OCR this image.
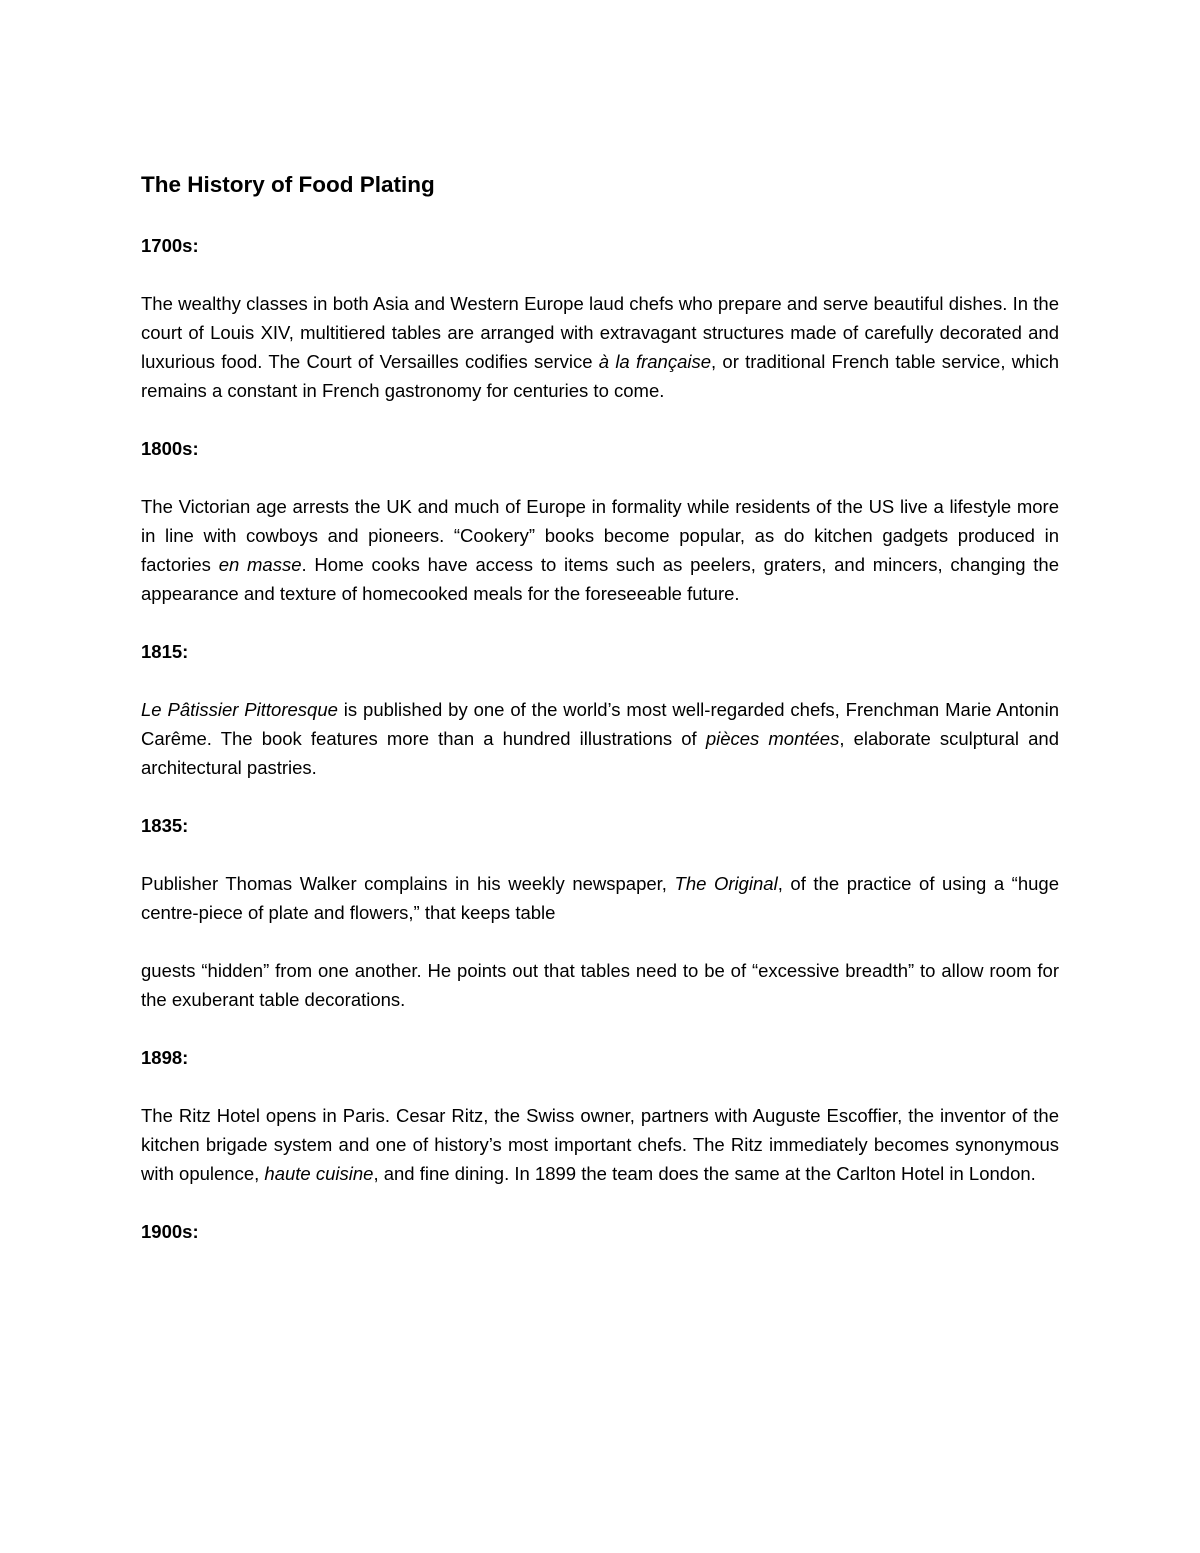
The History of Food Plating

1700s:

The wealthy classes in both Asia and Western Europe laud chefs who prepare and serve beautiful dishes. In the court of Louis XIV, multitiered tables are arranged with extravagant structures made of carefully decorated and luxurious food. The Court of Versailles codifies service à la française, or traditional French table service, which remains a constant in French gastronomy for centuries to come.

1800s:

The Victorian age arrests the UK and much of Europe in formality while residents of the US live a lifestyle more in line with cowboys and pioneers. “Cookery” books become popular, as do kitchen gadgets produced in factories en masse. Home cooks have access to items such as peelers, graters, and mincers, changing the appearance and texture of homecooked meals for the foreseeable future.

1815:

Le Pâtissier Pittoresque is published by one of the world’s most well-regarded chefs, Frenchman Marie Antonin Carême. The book features more than a hundred illustrations of pièces montées, elaborate sculptural and architectural pastries.

1835:

Publisher Thomas Walker complains in his weekly newspaper, The Original, of the practice of using a “huge centre-piece of plate and flowers,” that keeps table

guests “hidden” from one another. He points out that tables need to be of “excessive breadth” to allow room for the exuberant table decorations.

1898:

The Ritz Hotel opens in Paris. Cesar Ritz, the Swiss owner, partners with Auguste Escoffier, the inventor of the kitchen brigade system and one of history’s most important chefs. The Ritz immediately becomes synonymous with opulence, haute cuisine, and fine dining. In 1899 the team does the same at the Carlton Hotel in London.

1900s:
